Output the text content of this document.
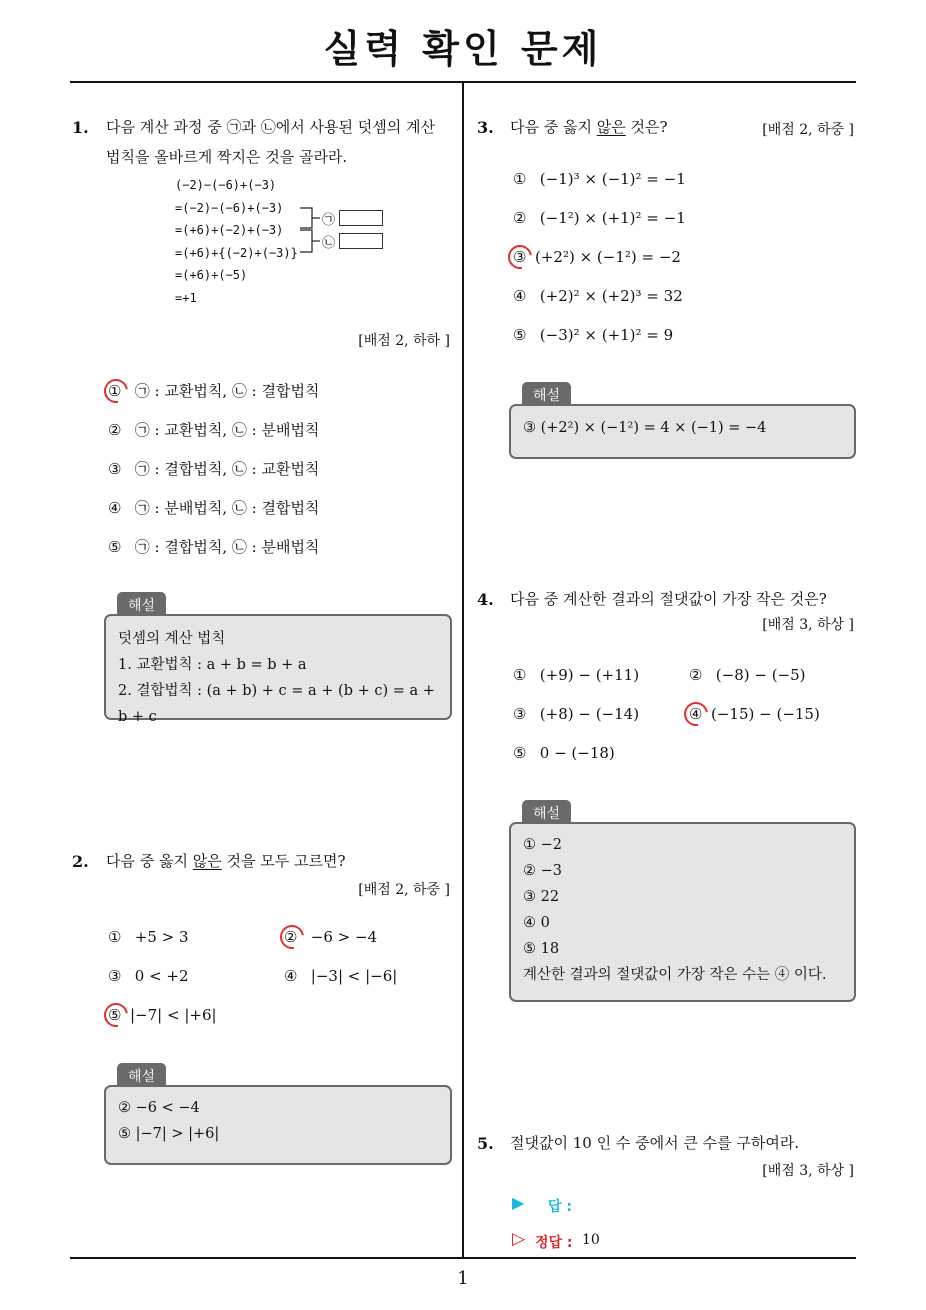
실력 확인 문제
1
1. 다음 계산 과정 중 ㉠과 ㉡에서 사용된 덧셈의 계산
법칙을 올바르게 짝지은 것을 골라라.
(−2)−(−6)+(−3)
=(−2)−(−6)+(−3)
=(+6)+(−2)+(−3)
=(+6)+{(−2)+(−3)}
=(+6)+(−5)
=+1
㉠
㉡
[배점 2, 하하 ]
① ㉠ : 교환법칙, ㉡ : 결합법칙
② ㉠ : 교환법칙, ㉡ : 분배법칙
③ ㉠ : 결합법칙, ㉡ : 교환법칙
④ ㉠ : 분배법칙, ㉡ : 결합법칙
⑤ ㉠ : 결합법칙, ㉡ : 분배법칙
해설
덧셈의 계산 법칙
1. 교환법칙 : a + b = b + a
2. 결합법칙 : (a + b) + c = a + (b + c) = a + b + c
2. 다음 중 옳지 않은 것을 모두 고르면?
[배점 2, 하중 ]
① +5 > 3	② −6 > −4
③ 0 < +2	④ |−3| < |−6|
⑤ |−7| < |+6|
해설
② −6 < −4
⑤ |−7| > |+6|
3. 다음 중 옳지 않은 것은?	[배점 2, 하중 ]
① (−1)³ × (−1)² = −1
② (−1²) × (+1)² = −1
③ (+2²) × (−1²) = −2
④ (+2)² × (+2)³ = 32
⑤ (−3)² × (+1)² = 9
해설
③ (+2²) × (−1²) = 4 × (−1) = −4
4. 다음 중 계산한 결과의 절댓값이 가장 작은 것은?
[배점 3, 하상 ]
① (+9) − (+11)	② (−8) − (−5)
③ (+8) − (−14)	④ (−15) − (−15)
⑤ 0 − (−18)
해설
① −2
② −3
③ 22
④ 0
⑤ 18
계산한 결과의 절댓값이 가장 작은 수는 ④ 이다.
5. 절댓값이 10 인 수 중에서 큰 수를 구하여라.
[배점 3, 하상 ]
▶ 답 :
▷ 정답 : 10
